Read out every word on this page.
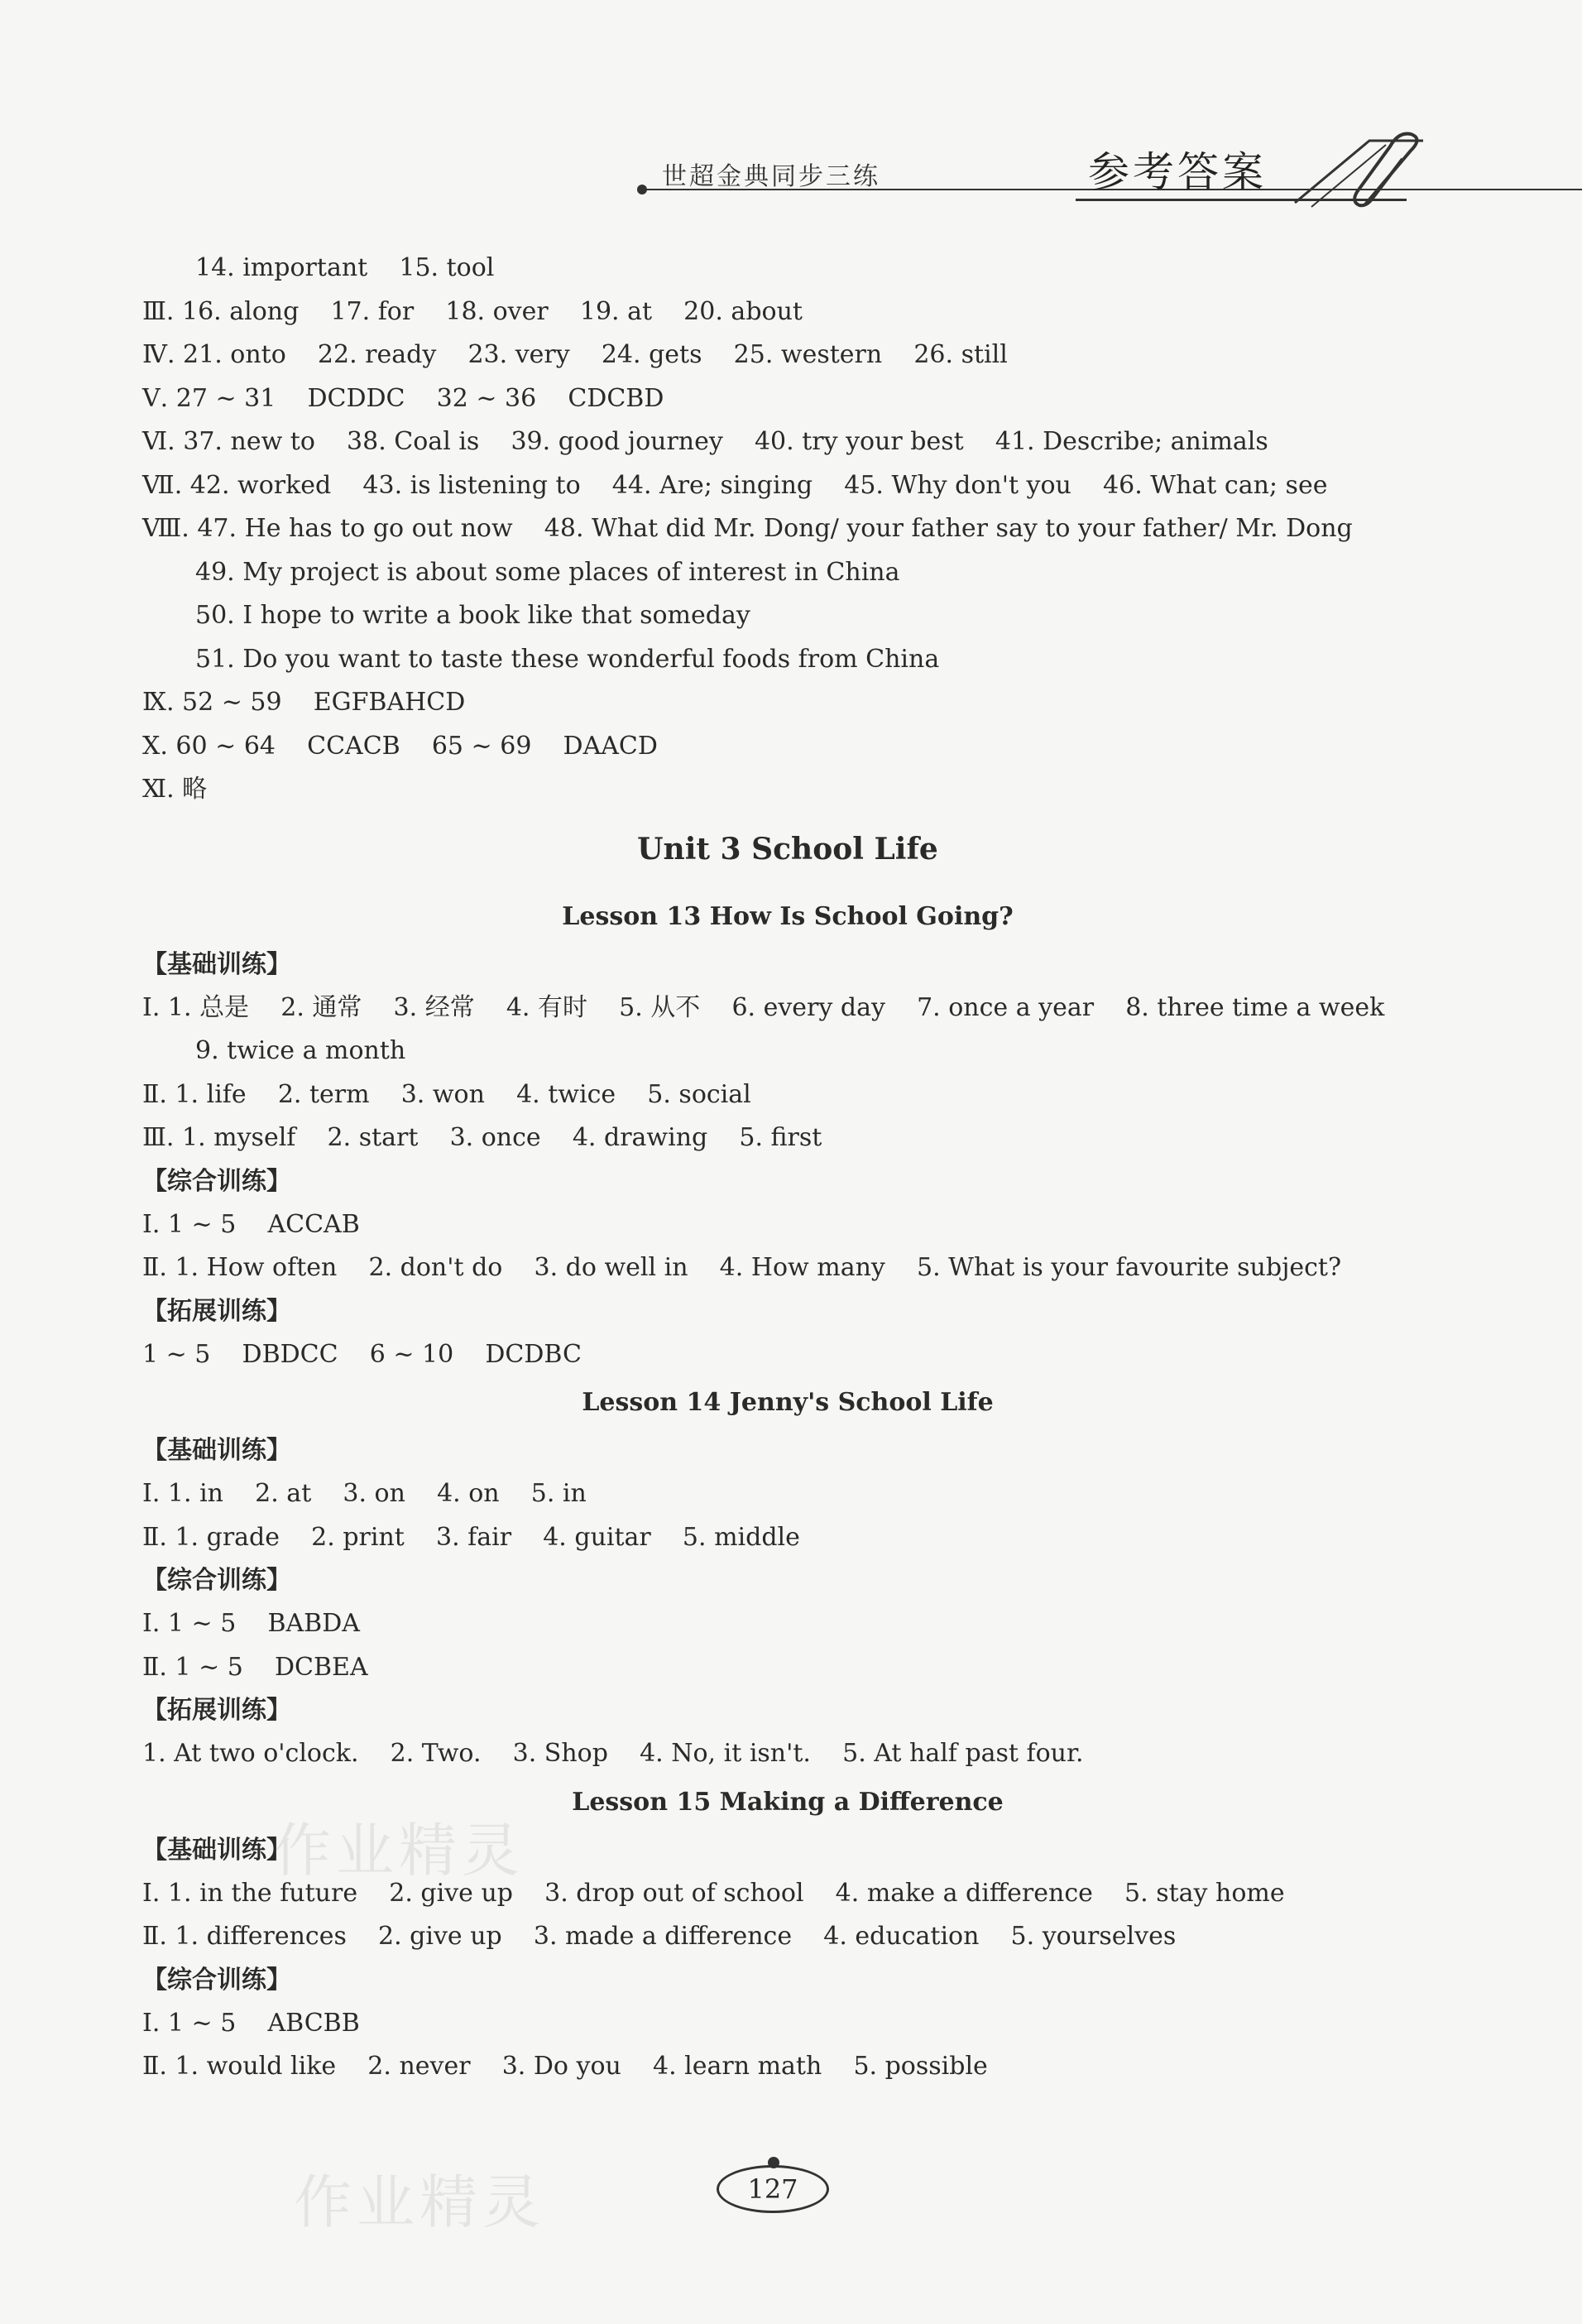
世超金典同步三练	参考答案
14. important    15. tool
Ⅲ. 16. along    17. for    18. over    19. at    20. about
Ⅳ. 21. onto    22. ready    23. very    24. gets    25. western    26. still
Ⅴ. 27 ~ 31    DCDDC    32 ~ 36    CDCBD
Ⅵ. 37. new to    38. Coal is    39. good journey    40. try your best    41. Describe; animals
Ⅶ. 42. worked    43. is listening to    44. Are; singing    45. Why don't you    46. What can; see
Ⅷ. 47. He has to go out now    48. What did Mr. Dong/ your father say to your father/ Mr. Dong
49. My project is about some places of interest in China
50. I hope to write a book like that someday
51. Do you want to taste these wonderful foods from China
Ⅸ. 52 ~ 59    EGFBAHCD
Ⅹ. 60 ~ 64    CCACB    65 ~ 69    DAACD
Ⅺ. 略
Unit 3 School Life
Lesson 13 How Is School Going?
【基础训练】
Ⅰ. 1. 总是    2. 通常    3. 经常    4. 有时    5. 从不    6. every day    7. once a year    8. three time a week
9. twice a month
Ⅱ. 1. life    2. term    3. won    4. twice    5. social
Ⅲ. 1. myself    2. start    3. once    4. drawing    5. first
【综合训练】
Ⅰ. 1 ~ 5    ACCAB
Ⅱ. 1. How often    2. don't do    3. do well in    4. How many    5. What is your favourite subject?
【拓展训练】
1 ~ 5    DBDCC    6 ~ 10    DCDBC
Lesson 14 Jenny's School Life
【基础训练】
Ⅰ. 1. in    2. at    3. on    4. on    5. in
Ⅱ. 1. grade    2. print    3. fair    4. guitar    5. middle
【综合训练】
Ⅰ. 1 ~ 5    BABDA
Ⅱ. 1 ~ 5    DCBEA
【拓展训练】
1. At two o'clock.    2. Two.    3. Shop    4. No, it isn't.    5. At half past four.
Lesson 15 Making a Difference
【基础训练】
Ⅰ. 1. in the future    2. give up    3. drop out of school    4. make a difference    5. stay home
Ⅱ. 1. differences    2. give up    3. made a difference    4. education    5. yourselves
【综合训练】
Ⅰ. 1 ~ 5    ABCBB
Ⅱ. 1. would like    2. never    3. Do you    4. learn math    5. possible
作业精灵
作业精灵	127
